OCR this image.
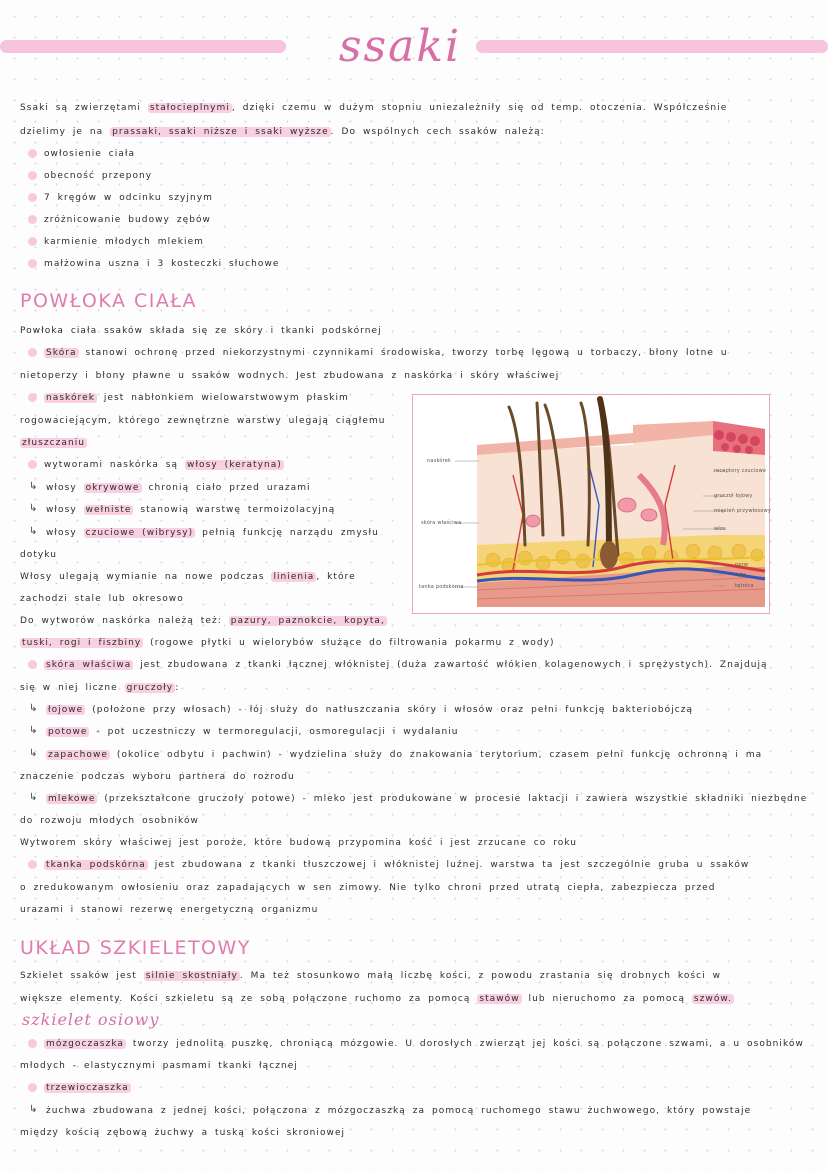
ssaki
Ssaki są zwierzętami stałocieplnymi , dzięki czemu w dużym stopniu uniezależniły się od temp. otoczenia. Współcześnie
dzielimy je na prassaki, ssaki niższe i ssaki wyższe . Do wspólnych cech ssaków należą:
owłosienie ciała
obecność przepony
7 kręgów w odcinku szyjnym
zróżnicowanie budowy zębów
karmienie młodych mlekiem
małżowina uszna i 3 kosteczki słuchowe
POWŁOKA CIAŁA
Powłoka ciała ssaków składa się ze skóry i tkanki podskórnej
Skóra stanowi ochronę przed niekorzystnymi czynnikami środowiska, tworzy torbę lęgową u torbaczy, błony lotne u
nietoperzy i błony pławne u ssaków wodnych. Jest zbudowana z naskórka i skóry właściwej
naskórek jest nabłonkiem wielowarstwowym płaskim
rogowaciejącym, którego zewnętrzne warstwy ulegają ciągłemu
złuszczaniu
wytworami naskórka są włosy (keratyna)
↳ włosy okrywowe chronią ciało przed urazami
↳ włosy wełniste stanowią warstwę termoizolacyjną
↳ włosy czuciowe (wibrysy) pełnią funkcję narządu zmysłu
dotyku
Włosy ulegają wymianie na nowe podczas linienia , które
zachodzi stale lub okresowo
Do wytworów naskórka należą też: pazury, paznokcie, kopyta,
tuski, rogi i fiszbiny (rogowe płytki u wielorybów służące do filtrowania pokarmu z wody)
skóra właściwa jest zbudowana z tkanki łącznej włóknistej (duża zawartość włókien kolagenowych i sprężystych). Znajdują
się w niej liczne gruczoły :
↳ łojowe (położone przy włosach) - łój służy do natłuszczania skóry i włosów oraz pełni funkcję bakteriobójczą
↳ potowe - pot uczestniczy w termoregulacji, osmoregulacji i wydalaniu
↳ zapachowe (okolice odbytu i pachwin) - wydzielina służy do znakowania terytorium, czasem pełni funkcję ochronną i ma
znaczenie podczas wyboru partnera do rozrodu
↳ mlekowe (przekształcone gruczoły potowe) - mleko jest produkowane w procesie laktacji i zawiera wszystkie składniki niezbędne
do rozwoju młodych osobników
Wytworem skóry właściwej jest poroże, które budową przypomina kość i jest zrzucane co roku
tkanka podskórna jest zbudowana z tkanki tłuszczowej i włóknistej luźnej. warstwa ta jest szczególnie gruba u ssaków
o zredukowanym owłosieniu oraz zapadających w sen zimowy. Nie tylko chroni przed utratą ciepła, zabezpiecza przed
urazami i stanowi rezerwę energetyczną organizmu
naskórek
skóra właściwa
tanka podskórna
receptory czuciowe
gruczoł łojowy
mięsień przywłosowy
włos
nerw
żyła
tętnica
UKŁAD SZKIELETOWY
Szkielet ssaków jest silnie skostniały . Ma też stosunkowo małą liczbę kości, z powodu zrastania się drobnych kości w
większe elementy. Kości szkieletu są ze sobą połączone ruchomo za pomocą stawów lub nieruchomo za pomocą szwów.
szkielet osiowy
mózgoczaszka tworzy jednolitą puszkę, chroniącą mózgowie. U dorosłych zwierząt jej kości są połączone szwami, a u osobników
młodych - elastycznymi pasmami tkanki łącznej
trzewioczaszka
↳ żuchwa zbudowana z jednej kości, połączona z mózgoczaszką za pomocą ruchomego stawu żuchwowego, który powstaje
między kością zębową żuchwy a tuską kości skroniowej
